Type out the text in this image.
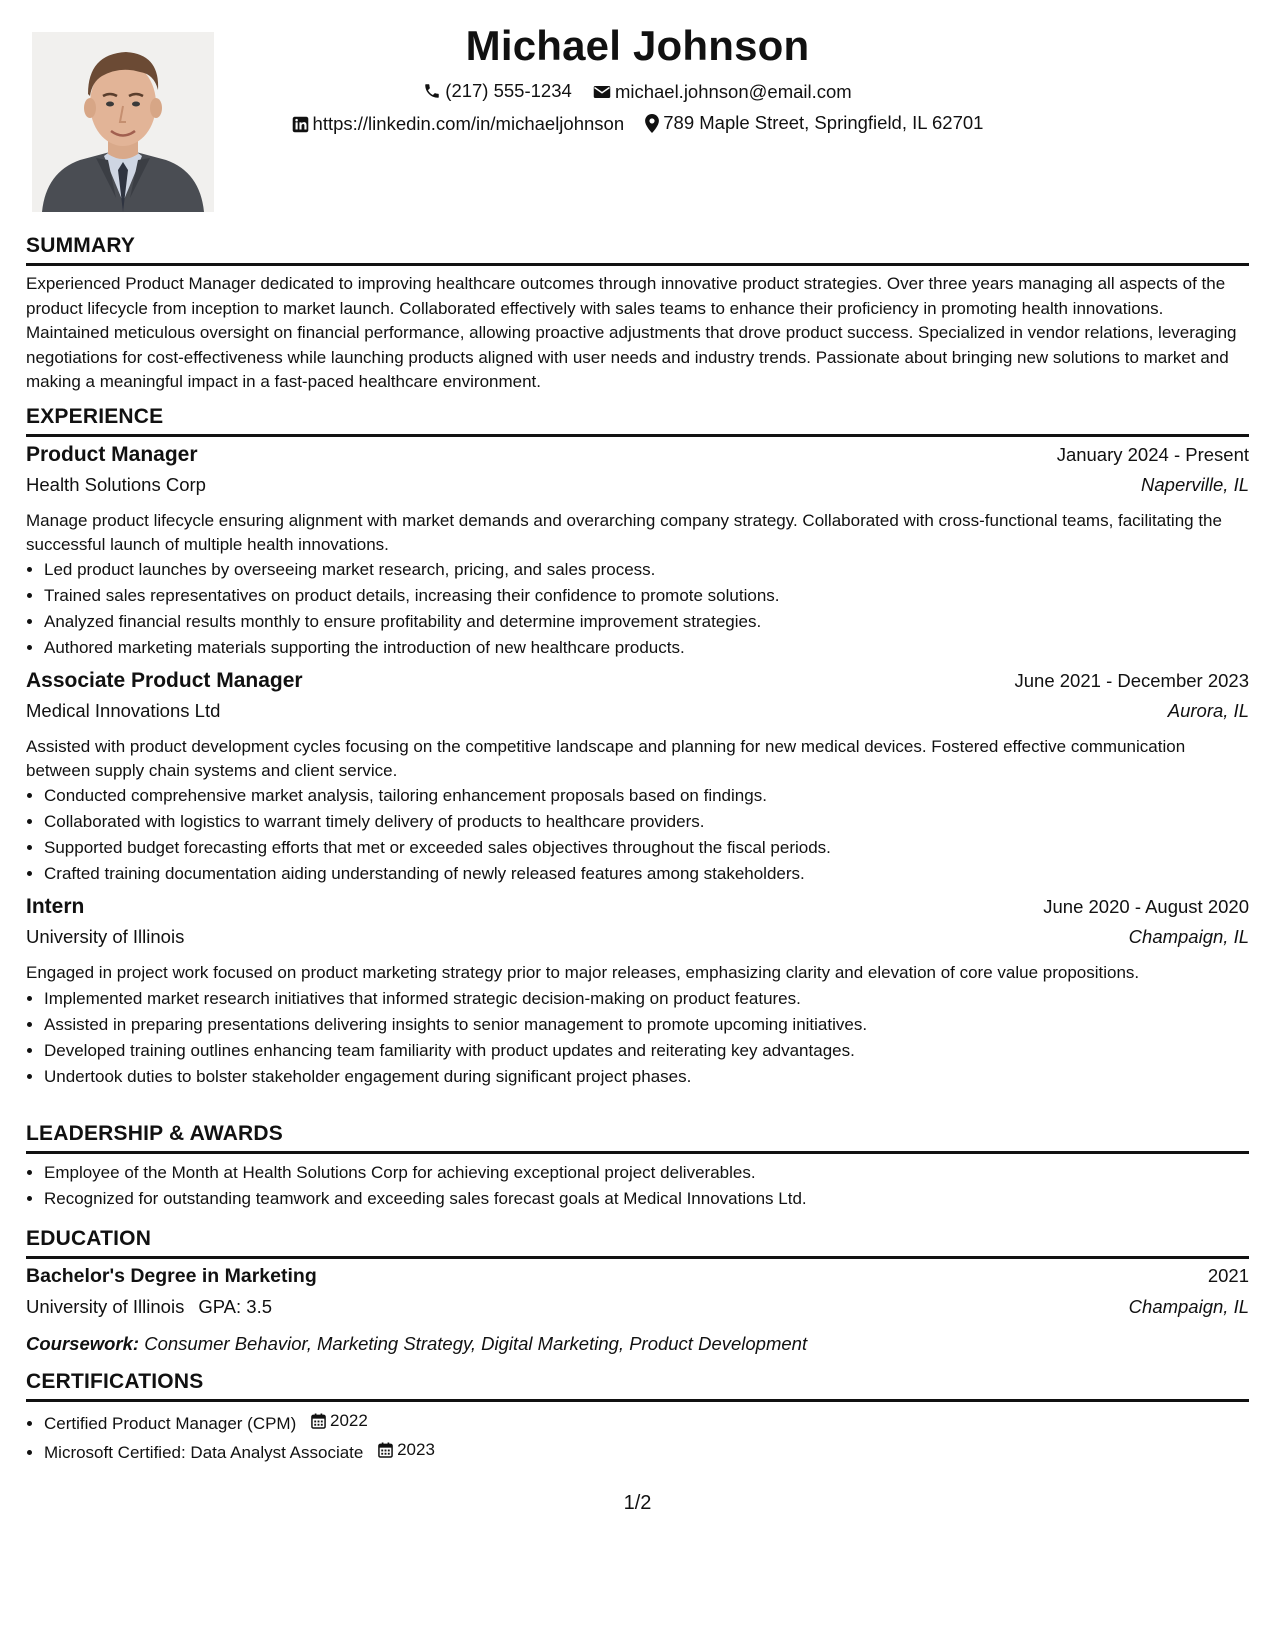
Michael Johnson
(217) 555-1234
michael.johnson@email.com
https://linkedin.com/in/michaeljohnson
789 Maple Street, Springfield, IL 62701
SUMMARY

Experienced Product Manager dedicated to improving healthcare outcomes through innovative product strategies. Over three years managing all aspects of the product lifecycle from inception to market launch. Collaborated effectively with sales teams to enhance their proficiency in promoting health innovations. Maintained meticulous oversight on financial performance, allowing proactive adjustments that drove product success. Specialized in vendor relations, leveraging negotiations for cost-effectiveness while launching products aligned with user needs and industry trends. Passionate about bringing new solutions to market and making a meaningful impact in a fast-paced healthcare environment.

EXPERIENCE
Product Manager	January 2024 - Present
Health Solutions Corp	Naperville, IL

Manage product lifecycle ensuring alignment with market demands and overarching company strategy. Collaborated with cross-functional teams, facilitating the successful launch of multiple health innovations.

• Led product launches by overseeing market research, pricing, and sales process.
• Trained sales representatives on product details, increasing their confidence to promote solutions.
• Analyzed financial results monthly to ensure profitability and determine improvement strategies.
• Authored marketing materials supporting the introduction of new healthcare products.
Associate Product Manager	June 2021 - December 2023
Medical Innovations Ltd	Aurora, IL

Assisted with product development cycles focusing on the competitive landscape and planning for new medical devices. Fostered effective communication between supply chain systems and client service.

• Conducted comprehensive market analysis, tailoring enhancement proposals based on findings.
• Collaborated with logistics to warrant timely delivery of products to healthcare providers.
• Supported budget forecasting efforts that met or exceeded sales objectives throughout the fiscal periods.
• Crafted training documentation aiding understanding of newly released features among stakeholders.
Intern	June 2020 - August 2020
University of Illinois	Champaign, IL

Engaged in project work focused on product marketing strategy prior to major releases, emphasizing clarity and elevation of core value propositions.

• Implemented market research initiatives that informed strategic decision-making on product features.
• Assisted in preparing presentations delivering insights to senior management to promote upcoming initiatives.
• Developed training outlines enhancing team familiarity with product updates and reiterating key advantages.
• Undertook duties to bolster stakeholder engagement during significant project phases.
LEADERSHIP & AWARDS
• Employee of the Month at Health Solutions Corp for achieving exceptional project deliverables.
• Recognized for outstanding teamwork and exceeding sales forecast goals at Medical Innovations Ltd.
EDUCATION
Bachelor's Degree in Marketing	2021
University of Illinois GPA: 3.5	Champaign, IL
Coursework: Consumer Behavior, Marketing Strategy, Digital Marketing, Product Development
CERTIFICATIONS
• Certified Product Manager (CPM) 2022
• Microsoft Certified: Data Analyst Associate 2023
1/2
